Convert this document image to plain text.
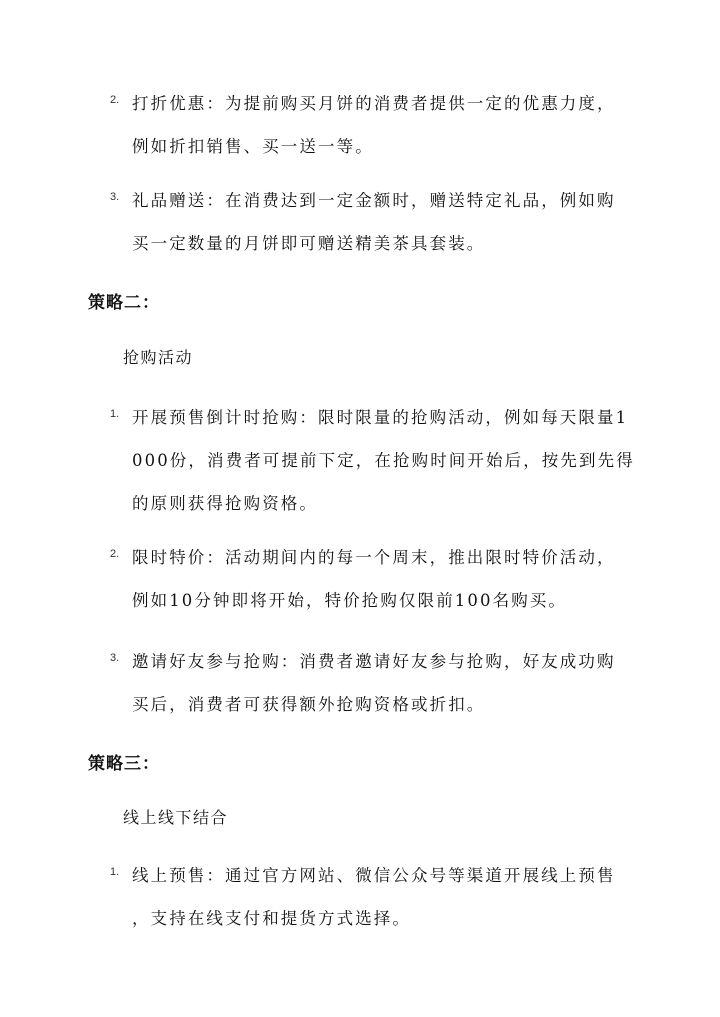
2. 打折优惠：为提前购买月饼的消费者提供一定的优惠力度，
例如折扣销售、买一送一等。
3. 礼品赠送：在消费达到一定金额时，赠送特定礼品，例如购
买一定数量的月饼即可赠送精美茶具套装。
策略二：
抢购活动
1. 开展预售倒计时抢购：限时限量的抢购活动，例如每天限量1
000份，消费者可提前下定，在抢购时间开始后，按先到先得
的原则获得抢购资格。
2. 限时特价：活动期间内的每一个周末，推出限时特价活动，
例如10分钟即将开始，特价抢购仅限前100名购买。
3. 邀请好友参与抢购：消费者邀请好友参与抢购，好友成功购
买后，消费者可获得额外抢购资格或折扣。
策略三：
线上线下结合
1. 线上预售：通过官方网站、微信公众号等渠道开展线上预售
，支持在线支付和提货方式选择。
